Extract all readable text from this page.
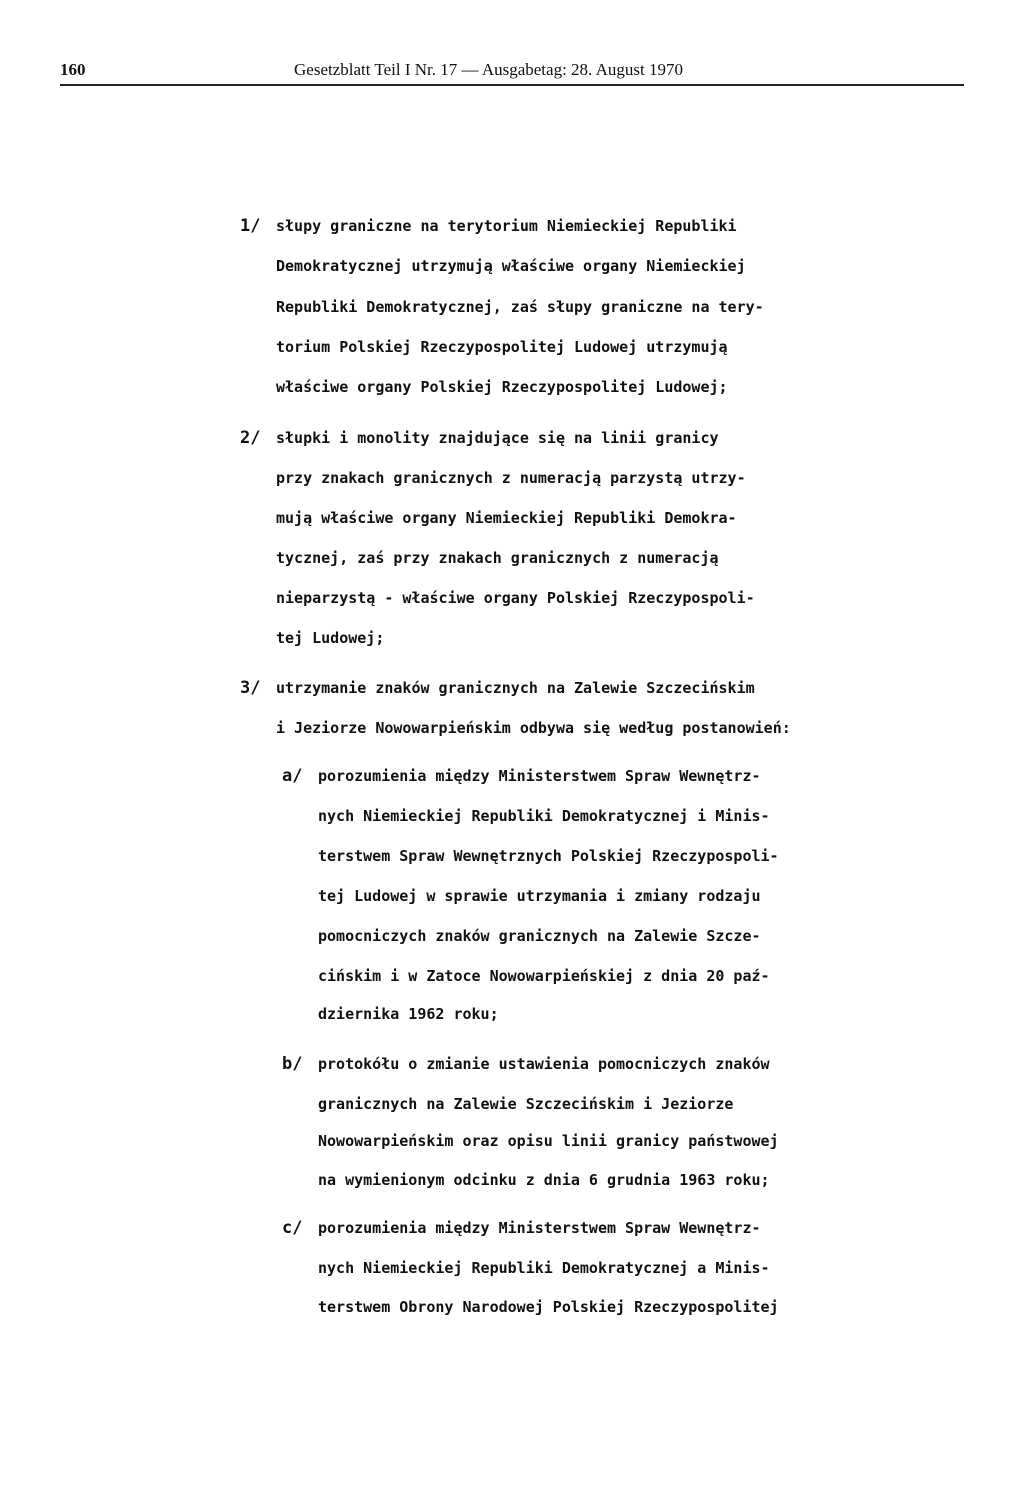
160	Gesetzblatt Teil I Nr. 17 — Ausgabetag: 28. August 1970
1/ słupy graniczne na terytorium Niemieckiej Republiki
Demokratycznej utrzymują właściwe organy Niemieckiej
Republiki Demokratycznej, zaś słupy graniczne na tery-
torium Polskiej Rzeczypospolitej Ludowej utrzymują
właściwe organy Polskiej Rzeczypospolitej Ludowej;
2/ słupki i monolity znajdujące się na linii granicy
przy znakach granicznych z numeracją parzystą utrzy-
mują właściwe organy Niemieckiej Republiki Demokra-
tycznej, zaś przy znakach granicznych z numeracją
nieparzystą - właściwe organy Polskiej Rzeczypospoli-
tej Ludowej;
3/ utrzymanie znaków granicznych na Zalewie Szczecińskim
i Jeziorze Nowowarpieńskim odbywa się według postanowień:
a/ porozumienia między Ministerstwem Spraw Wewnętrz-
nych Niemieckiej Republiki Demokratycznej i Minis-
terstwem Spraw Wewnętrznych Polskiej Rzeczypospoli-
tej Ludowej w sprawie utrzymania i zmiany rodzaju
pomocniczych znaków granicznych na Zalewie Szcze-
cińskim i w Zatoce Nowowarpieńskiej z dnia 20 paź-
dziernika 1962 roku;
b/ protokółu o zmianie ustawienia pomocniczych znaków
granicznych na Zalewie Szczecińskim i Jeziorze
Nowowarpieńskim oraz opisu linii granicy państwowej
na wymienionym odcinku z dnia 6 grudnia 1963 roku;
c/ porozumienia między Ministerstwem Spraw Wewnętrz-
nych Niemieckiej Republiki Demokratycznej a Minis-
terstwem Obrony Narodowej Polskiej Rzeczypospolitej
